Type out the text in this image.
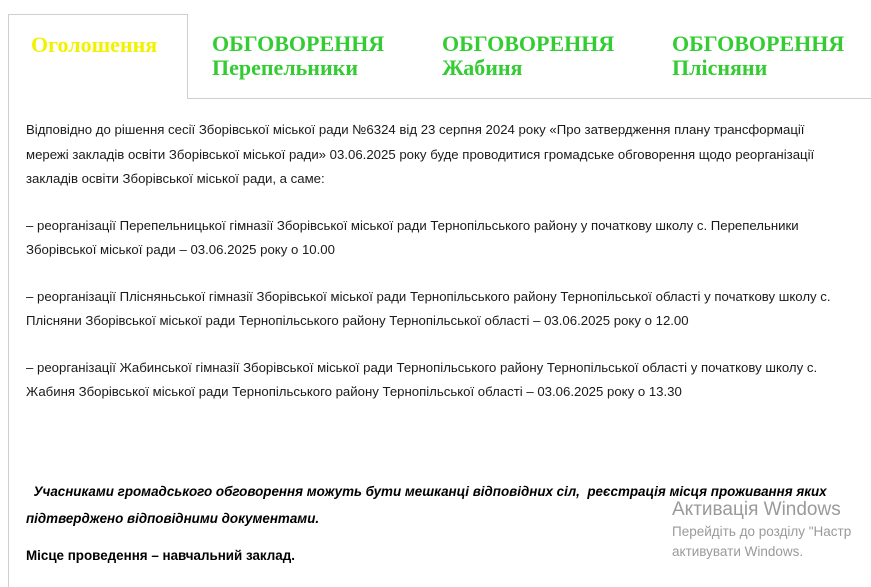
Оголошення	ОБГОВОРЕННЯ
Перепельники
ОБГОВОРЕННЯ
Жабиня
ОБГОВОРЕННЯ
Плісняни

Відповідно до рішення сесії Зборівської міської ради №6324 від 23 серпня 2024 року «Про затвердження плану трансформації

мережі закладів освіти Зборівської міської ради» 03.06.2025 року буде проводитися громадське обговорення щодо реорганізації

закладів освіти Зборівської міської ради, а саме:

– реорганізації Перепельницької гімназії Зборівської міської ради Тернопільського району у початкову школу с. Перепельники

Зборівської міської ради – 03.06.2025 року о 10.00

– реорганізації Плісняньської гімназії Зборівської міської ради Тернопільського району Тернопільської області у початкову школу с.

Плісняни Зборівської міської ради Тернопільського району Тернопільської області – 03.06.2025 року о 12.00

– реорганізації Жабинської гімназії Зборівської міської ради Тернопільського району Тернопільської області у початкову школу с.

Жабиня Зборівської міської ради Тернопільського району Тернопільської області – 03.06.2025 року о 13.30

Учасниками громадського обговорення можуть бути мешканці відповідних сіл,  реєстрація місця проживання яких
підтверджено відповідними документами.
Місце проведення – навчальний заклад.
Активація Windows
Перейдіть до розділу "Настр
активувати Windows.
